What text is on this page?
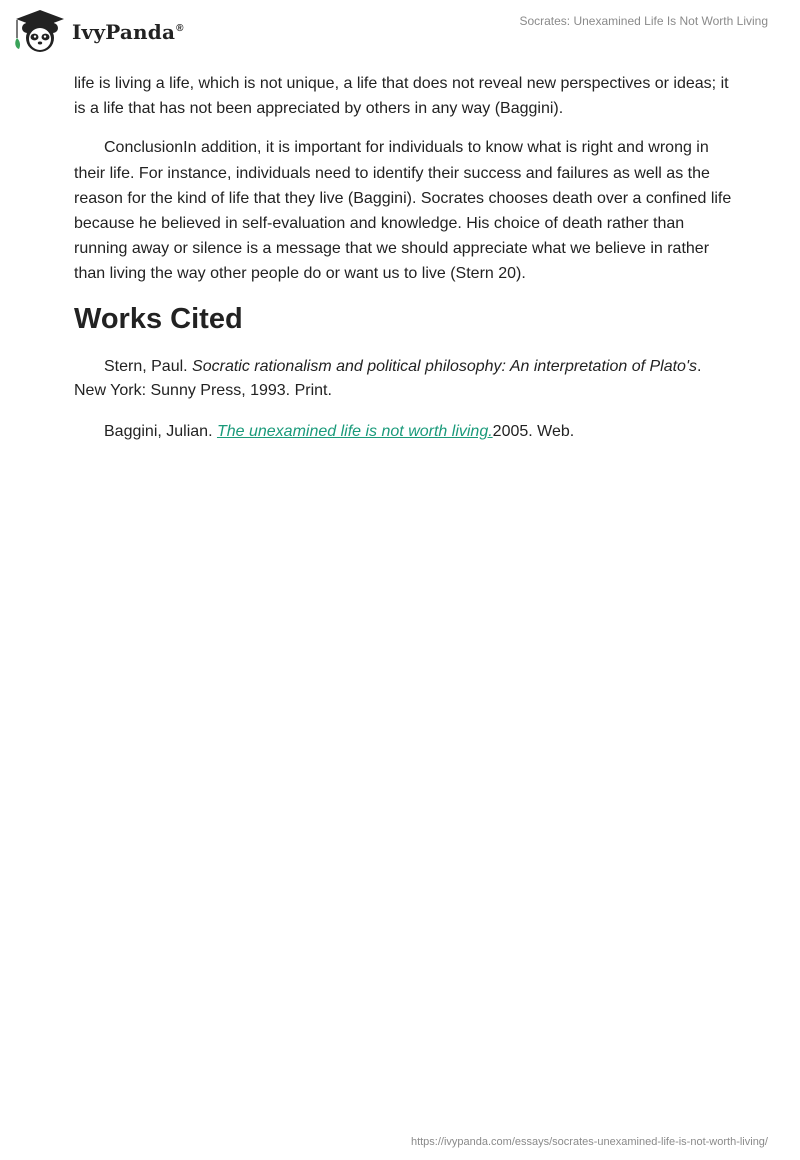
IvyPanda®
Socrates: Unexamined Life Is Not Worth Living

life is living a life, which is not unique, a life that does not reveal new perspectives or ideas; it is a life that has not been appreciated by others in any way (Baggini).

ConclusionIn addition, it is important for individuals to know what is right and wrong in their life. For instance, individuals need to identify their success and failures as well as the reason for the kind of life that they live (Baggini). Socrates chooses death over a confined life because he believed in self-evaluation and knowledge. His choice of death rather than running away or silence is a message that we should appreciate what we believe in rather than living the way other people do or want us to live (Stern 20).

Works Cited

Stern, Paul. Socratic rationalism and political philosophy: An interpretation of Plato's. New York: Sunny Press, 1993. Print.

Baggini, Julian. The unexamined life is not worth living.2005. Web.

https://ivypanda.com/essays/socrates-unexamined-life-is-not-worth-living/
